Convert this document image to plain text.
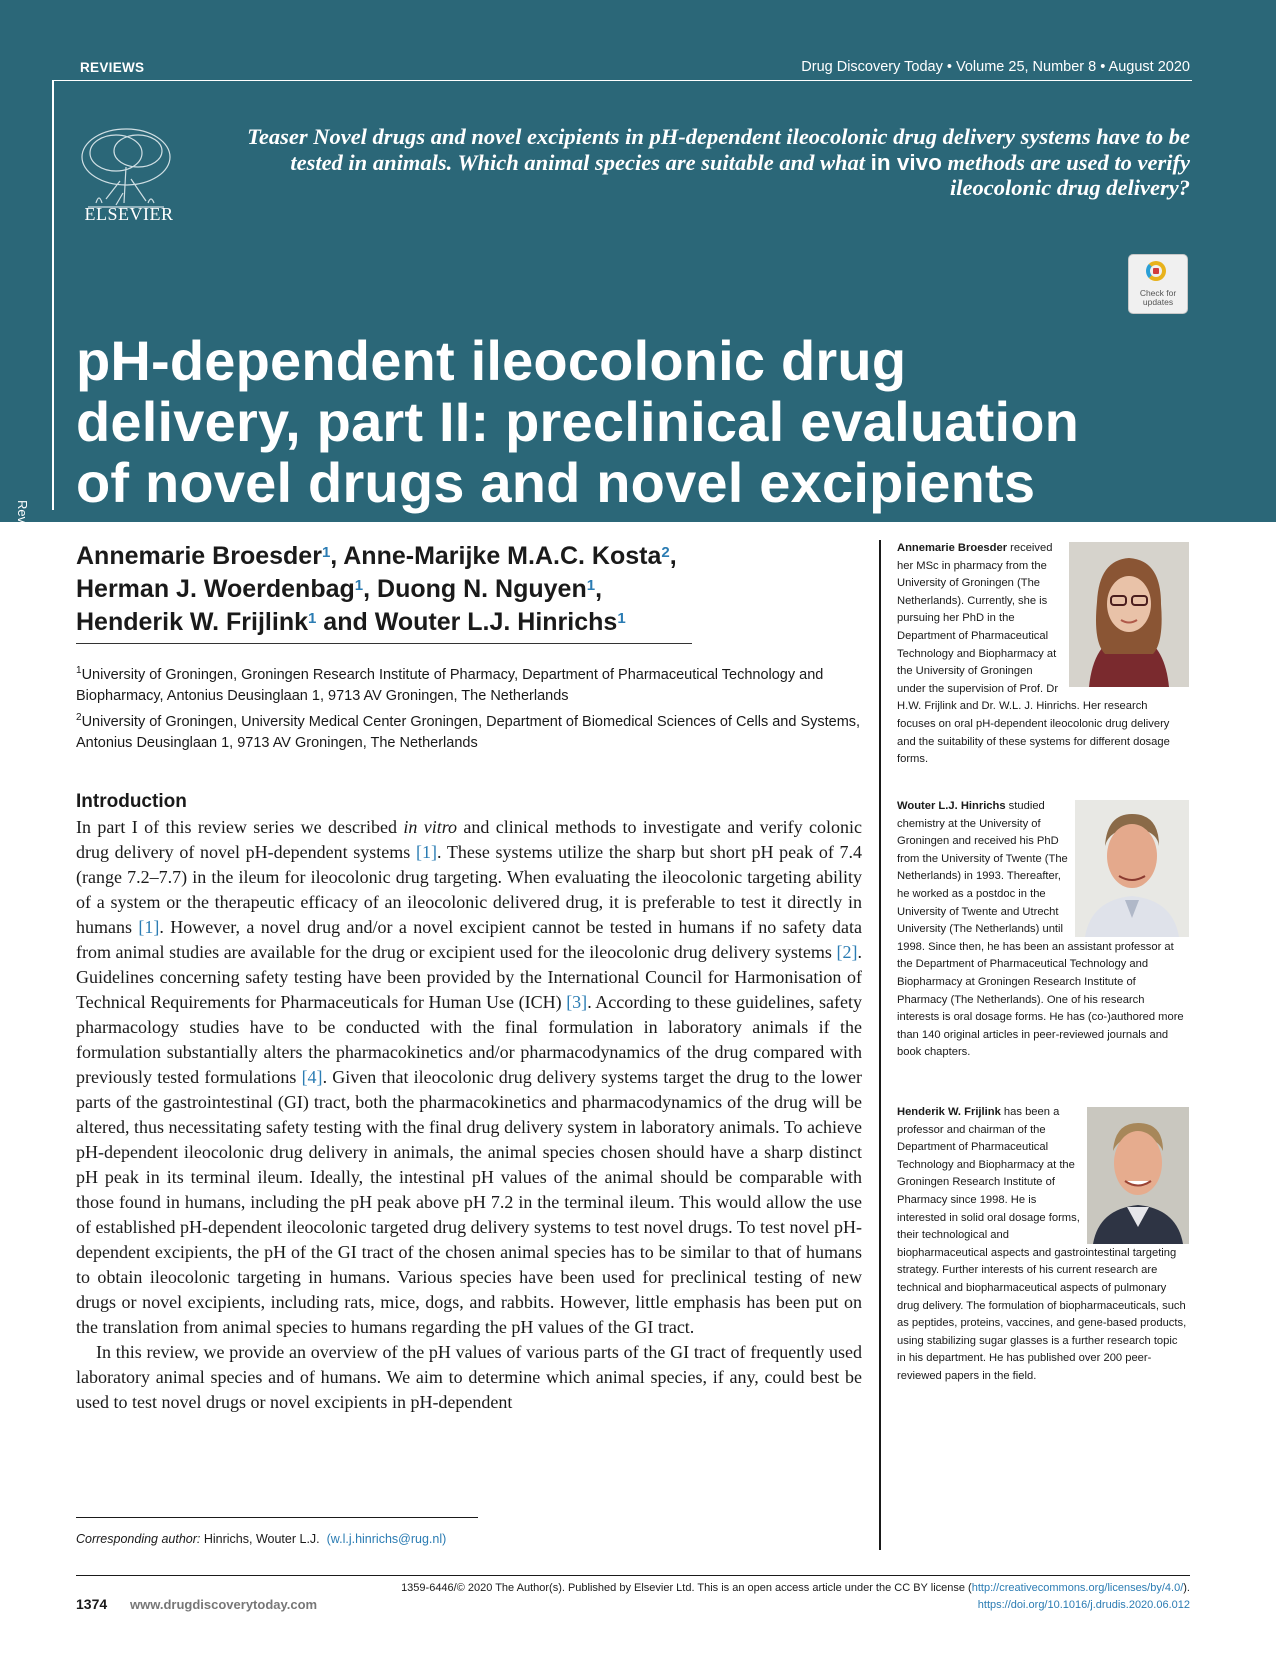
REVIEWS	Drug Discovery Today • Volume 25, Number 8 • August 2020
Reviews • KEYNOTE REVIEW
ELSEVIER
Teaser Novel drugs and novel excipients in pH-dependent ileocolonic drug delivery systems have to be tested in animals. Which animal species are suitable and what in vivo methods are used to verify ileocolonic drug delivery?
Check for updates
pH-dependent ileocolonic drug
delivery, part II: preclinical evaluation
of novel drugs and novel excipients
Annemarie Broesder$^1$, Anne-Marijke M.A.C. Kosta$^2$,
Herman J. Woerdenbag$^1$, Duong N. Nguyen$^1$,
Henderik W. Frijlink$^1$ and Wouter L.J. Hinrichs$^1$
$^1$University of Groningen, Groningen Research Institute of Pharmacy, Department of Pharmaceutical Technology and Biopharmacy, Antonius Deusinglaan 1, 9713 AV Groningen, The Netherlands
$^2$University of Groningen, University Medical Center Groningen, Department of Biomedical Sciences of Cells and Systems, Antonius Deusinglaan 1, 9713 AV Groningen, The Netherlands
Introduction

In part I of this review series we described in vitro and clinical methods to investigate and verify colonic drug delivery of novel pH-dependent systems [1]. These systems utilize the sharp but short pH peak of 7.4 (range 7.2–7.7) in the ileum for ileocolonic drug targeting. When evaluating the ileocolonic targeting ability of a system or the therapeutic efficacy of an ileocolonic delivered drug, it is preferable to test it directly in humans [1]. However, a novel drug and/or a novel excipient cannot be tested in humans if no safety data from animal studies are available for the drug or excipient used for the ileocolonic drug delivery systems [2]. Guidelines concerning safety testing have been provided by the International Council for Harmonisation of Technical Requirements for Pharmaceuticals for Human Use (ICH) [3]. According to these guidelines, safety pharmacology studies have to be conducted with the final formulation in laboratory animals if the formulation substantially alters the pharmacokinetics and/or pharmacodynamics of the drug compared with previously tested formulations [4]. Given that ileocolonic drug delivery systems target the drug to the lower parts of the gastrointestinal (GI) tract, both the pharmacokinetics and pharmacodynamics of the drug will be altered, thus necessitating safety testing with the final drug delivery system in laboratory animals. To achieve pH-dependent ileocolonic drug delivery in animals, the animal species chosen should have a sharp distinct pH peak in its terminal ileum. Ideally, the intestinal pH values of the animal should be comparable with those found in humans, including the pH peak above pH 7.2 in the terminal ileum. This would allow the use of established pH-dependent ileocolonic targeted drug delivery systems to test novel drugs. To test novel pH-dependent excipients, the pH of the GI tract of the chosen animal species has to be similar to that of humans to obtain ileocolonic targeting in humans. Various species have been used for preclinical testing of new drugs or novel excipients, including rats, mice, dogs, and rabbits. However, little emphasis has been put on the translation from animal species to humans regarding the pH values of the GI tract.

In this review, we provide an overview of the pH values of various parts of the GI tract of frequently used laboratory animal species and of humans. We aim to determine which animal species, if any, could best be used to test novel drugs or novel excipients in pH-dependent

Annemarie Broesder received her MSc in pharmacy from the University of Groningen (The Netherlands). Currently, she is pursuing her PhD in the Department of Pharmaceutical Technology and Biopharmacy at the University of Groningen under the supervision of Prof. Dr H.W. Frijlink and Dr. W.L. J. Hinrichs. Her research focuses on oral pH-dependent ileocolonic drug delivery and the suitability of these systems for different dosage forms.
Wouter L.J. Hinrichs studied chemistry at the University of Groningen and received his PhD from the University of Twente (The Netherlands) in 1993. Thereafter, he worked as a postdoc in the University of Twente and Utrecht University (The Netherlands) until 1998. Since then, he has been an assistant professor at the Department of Pharmaceutical Technology and Biopharmacy at Groningen Research Institute of Pharmacy (The Netherlands). One of his research interests is oral dosage forms. He has (co-)authored more than 140 original articles in peer-reviewed journals and book chapters.
Henderik W. Frijlink has been a professor and chairman of the Department of Pharmaceutical Technology and Biopharmacy at the Groningen Research Institute of Pharmacy since 1998. He is interested in solid oral dosage forms, their technological and biopharmaceutical aspects and gastrointestinal targeting strategy. Further interests of his current research are technical and biopharmaceutical aspects of pulmonary drug delivery. The formulation of biopharmaceuticals, such as peptides, proteins, vaccines, and gene-based products, using stabilizing sugar glasses is a further research topic in his department. He has published over 200 peer-reviewed papers in the field.
Corresponding author: Hinrichs, Wouter L.J. (w.l.j.hinrichs@rug.nl)
1359-6446/© 2020 The Author(s). Published by Elsevier Ltd. This is an open access article under the CC BY license (http://creativecommons.org/licenses/by/4.0/).
https://doi.org/10.1016/j.drudis.2020.06.012
1374 www.drugdiscoverytoday.com
